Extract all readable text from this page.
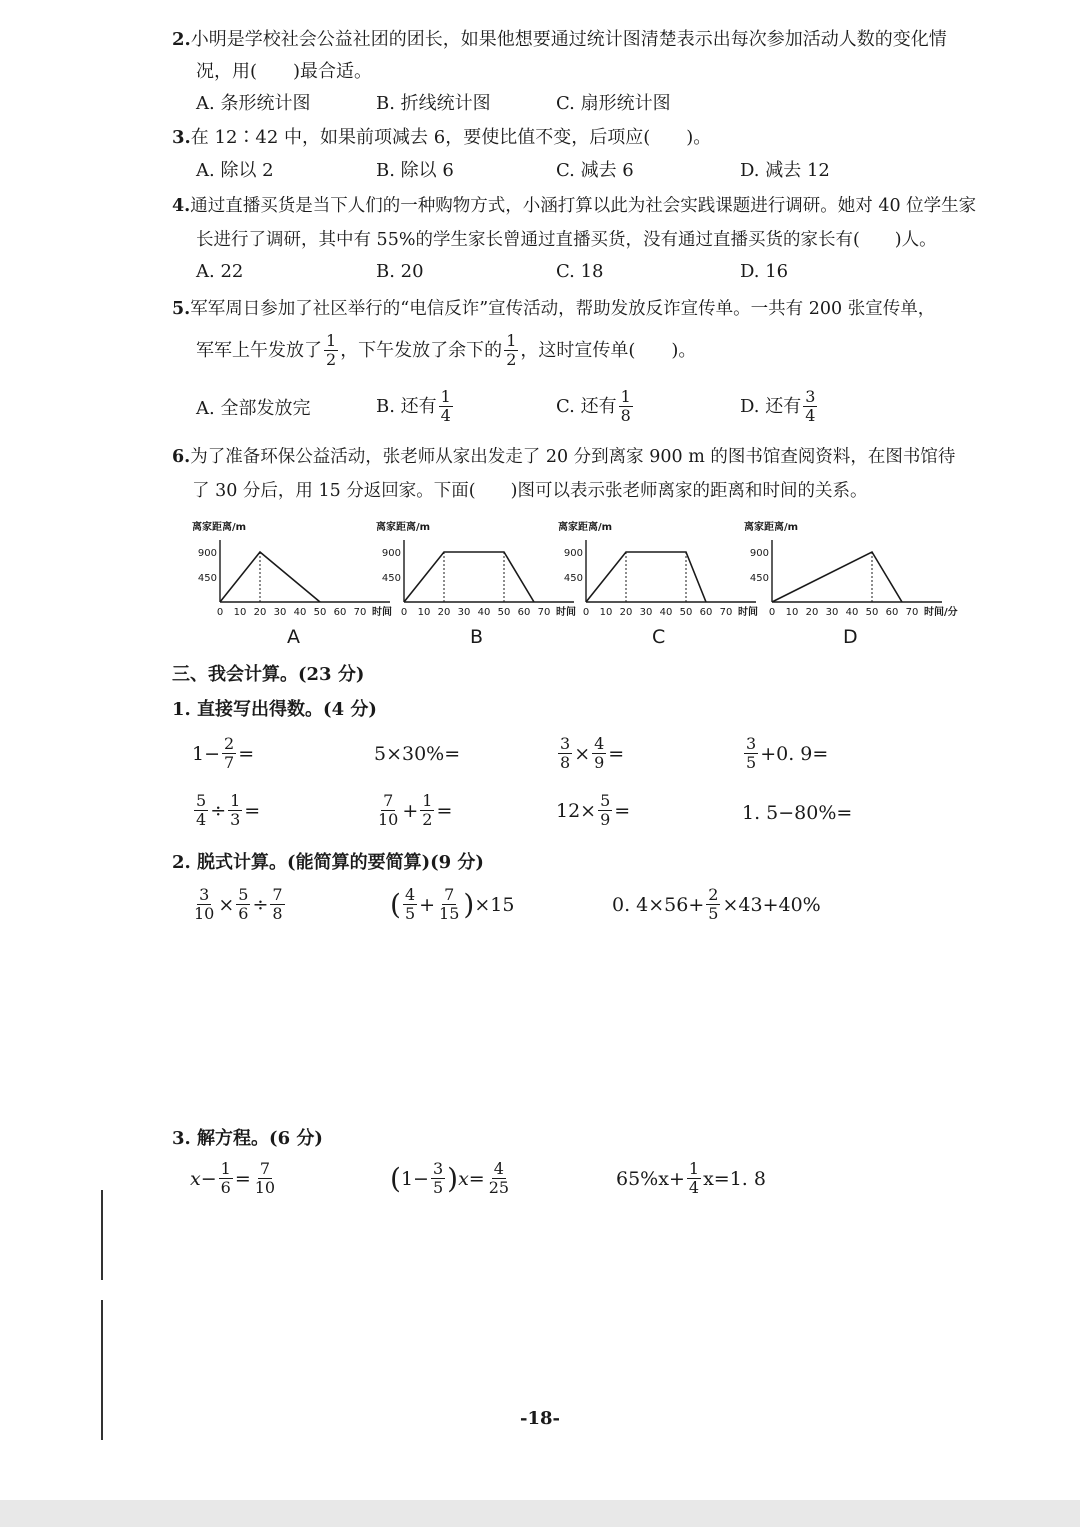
2.小明是学校社会公益社团的团长，如果他想要通过统计图清楚表示出每次参加活动人数的变化情
况，用(　　)最合适。
A. 条形统计图	B. 折线统计图	C. 扇形统计图
3.在 12∶42 中，如果前项减去 6，要使比值不变，后项应(　　)。
A. 除以 2	B. 除以 6	C. 减去 6	D. 减去 12
4.通过直播买货是当下人们的一种购物方式，小涵打算以此为社会实践课题进行调研。她对 40 位学生家
长进行了调研，其中有 55%的学生家长曾通过直播买货，没有通过直播买货的家长有(　　)人。
A. 22	B. 20	C. 18	D. 16
5.军军周日参加了社区举行的“电信反诈”宣传活动，帮助发放反诈宣传单。一共有 200 张宣传单，
军军上午发放了 $\frac{1}{2}$ ，下午发放了余下的 $\frac{1}{2}$ ，这时宣传单(　　)。
A. 全部发放完	B. 还有 $\frac{1}{4}$	C. 还有 $\frac{1}{8}$	D. 还有 $\frac{3}{4}$
6.为了准备环保公益活动，张老师从家出发走了 20 分到离家 900 m 的图书馆查阅资料，在图书馆待
了 30 分后，用 15 分返回家。下面(　　)图可以表示张老师离家的距离和时间的关系。
离家距离/m
900
450
0 10 20 30 40 50 60 70 时间
离家距离/m
900
450
0 10 20 30 40 50 60 70 时间
离家距离/m
900
450
0 10 20 30 40 50 60 70 时间
离家距离/m
900
450
0 10 20 30 40 50 60 70 时间/分
A	B	C	D
三、我会计算。(23 分)
1. 直接写出得数。(4 分)
$1- \frac{2}{7}$ =	5×30%=	$\frac{3}{8} \times \frac{4}{9}$ =	$\frac{3}{5} +0$. 9=
$\frac{5}{4} \div \frac{1}{3}$ =	$\frac{7}{10} + \frac{1}{2}$ =	$12\times \frac{5}{9}$ =	1. 5−80%=
2. 脱式计算。(能简算的要简算)(9 分)
$\frac{3}{10} \times \frac{5}{6} \div \frac{7}{8}$	( $\frac{4}{5} + \frac{7}{15}$ ) ×15	0. $4\times 56+ \frac{2}{5} \times 43+40\%$
3. 解方程。(6 分)
$x- \frac{1}{6} = \frac{7}{10}$	( $1- \frac{3}{5}$ ) $x= \frac{4}{25}$	$65\%x+ \frac{1}{4} x=1$. 8
-18-
